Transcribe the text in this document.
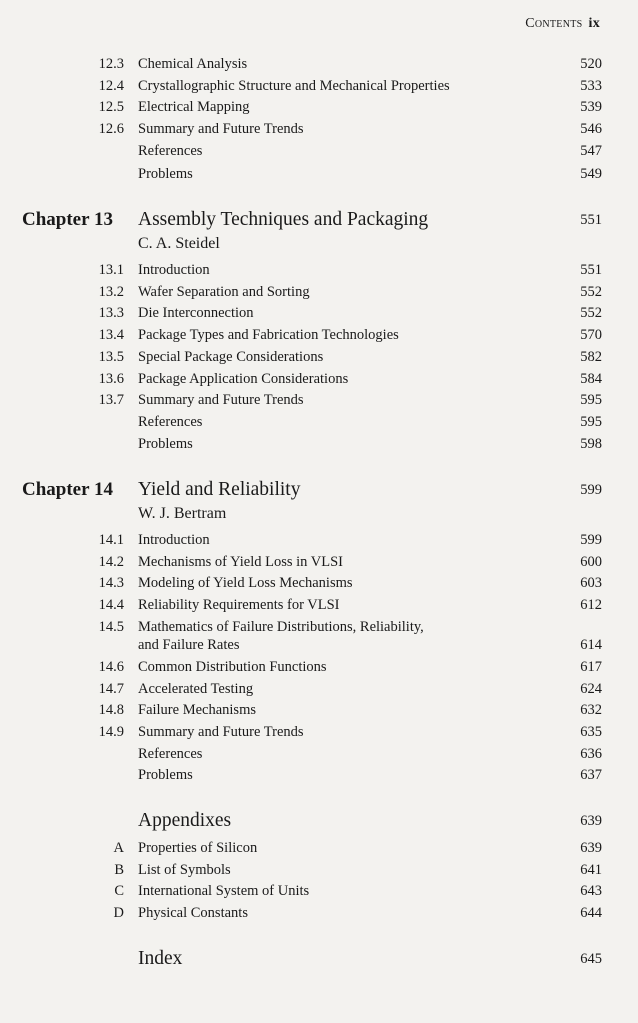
Contents ix
12.3 Chemical Analysis	520
12.4 Crystallographic Structure and Mechanical Properties	533
12.5 Electrical Mapping	539
12.6 Summary and Future Trends	546
References	547
Problems	549
Chapter 13 Assembly Techniques and Packaging	551
C. A. Steidel
13.1 Introduction	551
13.2 Wafer Separation and Sorting	552
13.3 Die Interconnection	552
13.4 Package Types and Fabrication Technologies	570
13.5 Special Package Considerations	582
13.6 Package Application Considerations	584
13.7 Summary and Future Trends	595
References	595
Problems	598
Chapter 14 Yield and Reliability	599
W. J. Bertram
14.1 Introduction	599
14.2 Mechanisms of Yield Loss in VLSI	600
14.3 Modeling of Yield Loss Mechanisms	603
14.4 Reliability Requirements for VLSI	612
14.5 Mathematics of Failure Distributions, Reliability,
and Failure Rates	614
14.6 Common Distribution Functions	617
14.7 Accelerated Testing	624
14.8 Failure Mechanisms	632
14.9 Summary and Future Trends	635
References	636
Problems	637
Appendixes	639
A Properties of Silicon	639
B List of Symbols	641
C International System of Units	643
D Physical Constants	644
Index	645
